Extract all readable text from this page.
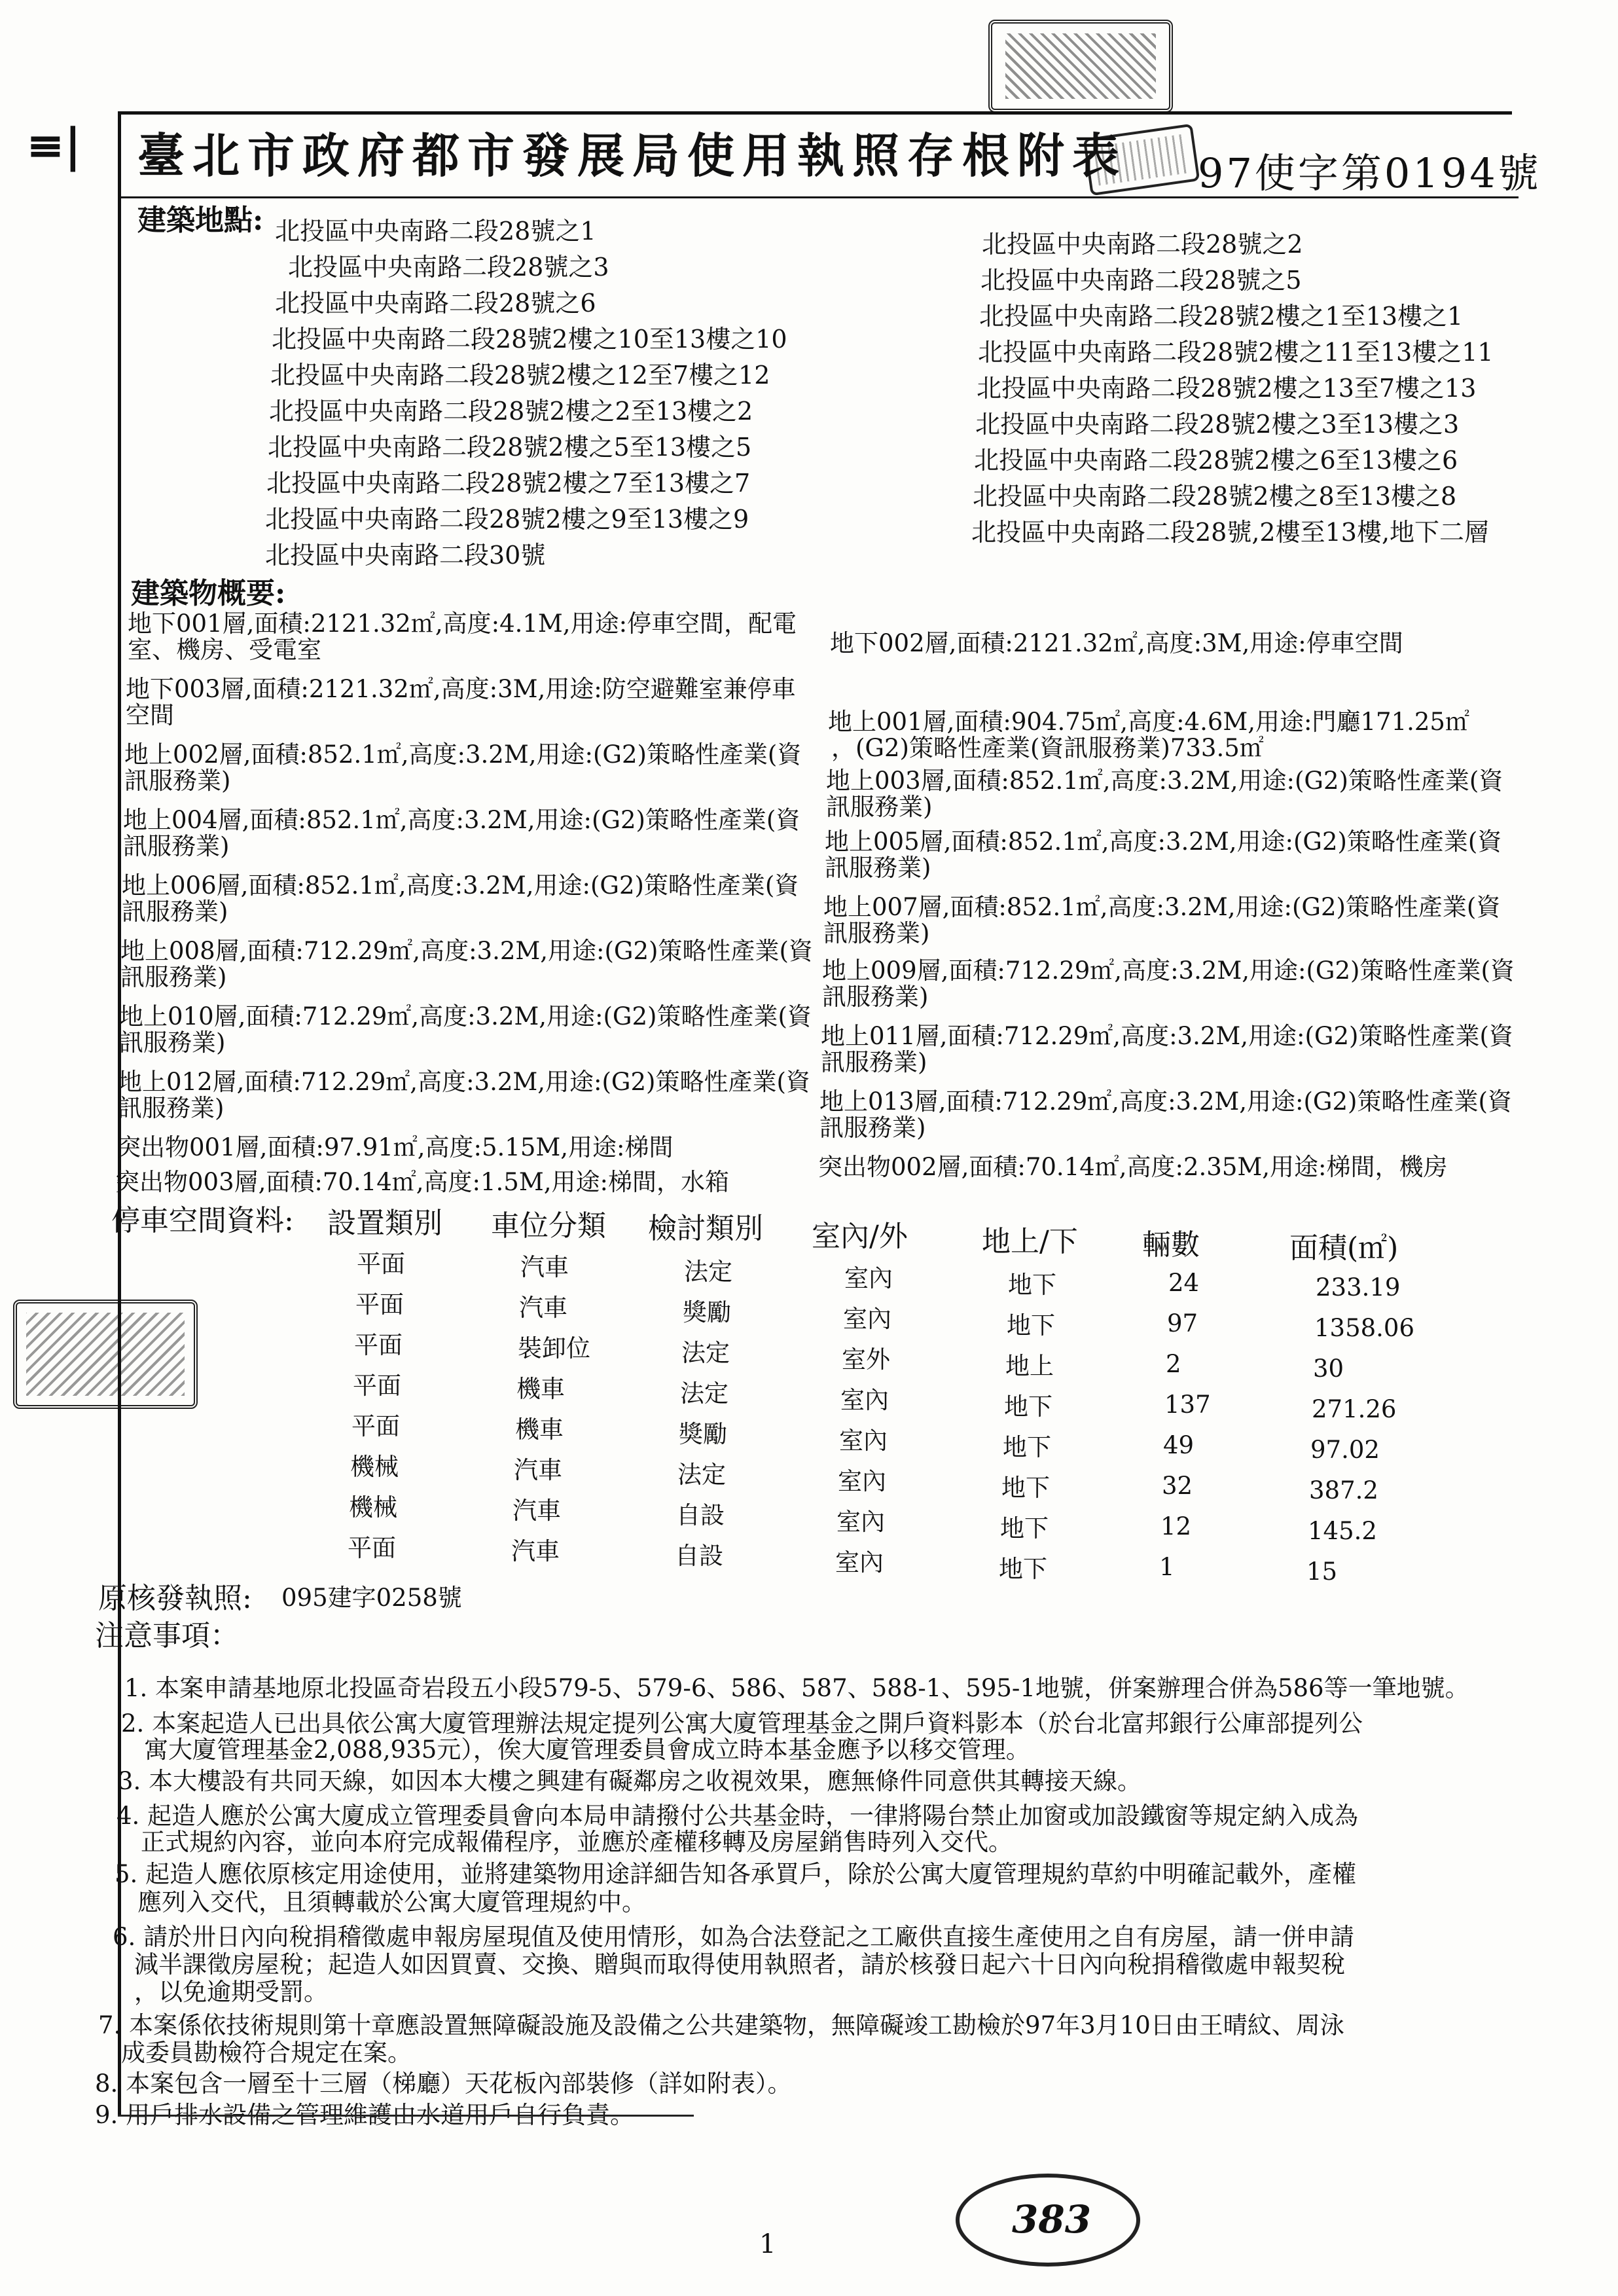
≡| 臺北市政府都市發展局使用執照存根附表 97使字第0194號
建築地點: 北投區中央南路二段28號之1
北投區中央南路二段28號之3
北投區中央南路二段28號之6
北投區中央南路二段28號2樓之10至13樓之10
北投區中央南路二段28號2樓之12至7樓之12
北投區中央南路二段28號2樓之2至13樓之2
北投區中央南路二段28號2樓之5至13樓之5
北投區中央南路二段28號2樓之7至13樓之7
北投區中央南路二段28號2樓之9至13樓之9
北投區中央南路二段30號
北投區中央南路二段28號之2
北投區中央南路二段28號之5
北投區中央南路二段28號2樓之1至13樓之1
北投區中央南路二段28號2樓之11至13樓之11
北投區中央南路二段28號2樓之13至7樓之13
北投區中央南路二段28號2樓之3至13樓之3
北投區中央南路二段28號2樓之6至13樓之6
北投區中央南路二段28號2樓之8至13樓之8
北投區中央南路二段28號,2樓至13樓,地下二層
建築物概要:
地下001層,面積:2121.32㎡,高度:4.1M,用途:停車空間，配電
室、機房、受電室
地下003層,面積:2121.32㎡,高度:3M,用途:防空避難室兼停車
空間
地上002層,面積:852.1㎡,高度:3.2M,用途:(G2)策略性產業(資
訊服務業)
地上004層,面積:852.1㎡,高度:3.2M,用途:(G2)策略性產業(資
訊服務業)
地上006層,面積:852.1㎡,高度:3.2M,用途:(G2)策略性產業(資
訊服務業)
地上008層,面積:712.29㎡,高度:3.2M,用途:(G2)策略性產業(資
訊服務業)
地上010層,面積:712.29㎡,高度:3.2M,用途:(G2)策略性產業(資
訊服務業)
地上012層,面積:712.29㎡,高度:3.2M,用途:(G2)策略性產業(資
訊服務業)
突出物001層,面積:97.91㎡,高度:5.15M,用途:梯間
突出物003層,面積:70.14㎡,高度:1.5M,用途:梯間，水箱
地下002層,面積:2121.32㎡,高度:3M,用途:停車空間
地上001層,面積:904.75㎡,高度:4.6M,用途:門廳171.25㎡
，(G2)策略性產業(資訊服務業)733.5㎡
地上003層,面積:852.1㎡,高度:3.2M,用途:(G2)策略性產業(資
訊服務業)
地上005層,面積:852.1㎡,高度:3.2M,用途:(G2)策略性產業(資
訊服務業)
地上007層,面積:852.1㎡,高度:3.2M,用途:(G2)策略性產業(資
訊服務業)
地上009層,面積:712.29㎡,高度:3.2M,用途:(G2)策略性產業(資
訊服務業)
地上011層,面積:712.29㎡,高度:3.2M,用途:(G2)策略性產業(資
訊服務業)
地上013層,面積:712.29㎡,高度:3.2M,用途:(G2)策略性產業(資
訊服務業)
突出物002層,面積:70.14㎡,高度:2.35M,用途:梯間，機房
停車空間資料: 設置類別 車位分類 檢討類別 室內/外	地上/下 輛數	面積(㎡)
平面	汽車	法定	室內	地下	24	233.19
平面	汽車	獎勵	室內	地下	97	1358.06
平面	裝卸位	法定	室外	地上	2	30
平面	機車	法定	室內	地下	137	271.26
平面	機車	獎勵	室內	地下	49	97.02
機械	汽車	法定	室內	地下	32	387.2
機械	汽車	自設	室內	地下	12	145.2
平面	汽車	自設	室內	地下	1	15
原核發執照: 095建字0258號
注意事項：
1. 本案申請基地原北投區奇岩段五小段579-5、579-6、586、587、588-1、595-1地號，併案辦理合併為586等一筆地號。
2. 本案起造人已出具依公寓大廈管理辦法規定提列公寓大廈管理基金之開戶資料影本（於台北富邦銀行公庫部提列公
寓大廈管理基金2,088,935元），俟大廈管理委員會成立時本基金應予以移交管理。
3. 本大樓設有共同天線，如因本大樓之興建有礙鄰房之收視效果，應無條件同意供其轉接天線。
4. 起造人應於公寓大廈成立管理委員會向本局申請撥付公共基金時，一律將陽台禁止加窗或加設鐵窗等規定納入成為
正式規約內容，並向本府完成報備程序，並應於產權移轉及房屋銷售時列入交代。
5. 起造人應依原核定用途使用，並將建築物用途詳細告知各承買戶，除於公寓大廈管理規約草約中明確記載外，產權
應列入交代，且須轉載於公寓大廈管理規約中。
6. 請於卅日內向稅捐稽徵處申報房屋現值及使用情形，如為合法登記之工廠供直接生產使用之自有房屋，請一併申請
減半課徵房屋稅；起造人如因買賣、交換、贈與而取得使用執照者，請於核發日起六十日內向稅捐稽徵處申報契稅
，以免逾期受罰。
7. 本案係依技術規則第十章應設置無障礙設施及設備之公共建築物，無障礙竣工勘檢於97年3月10日由王晴紋、周泳
成委員勘檢符合規定在案。
8. 本案包含一層至十三層（梯廳）天花板內部裝修（詳如附表）。
9. 用戶排水設備之管理維護由水道用戶自行負責。
1
383
